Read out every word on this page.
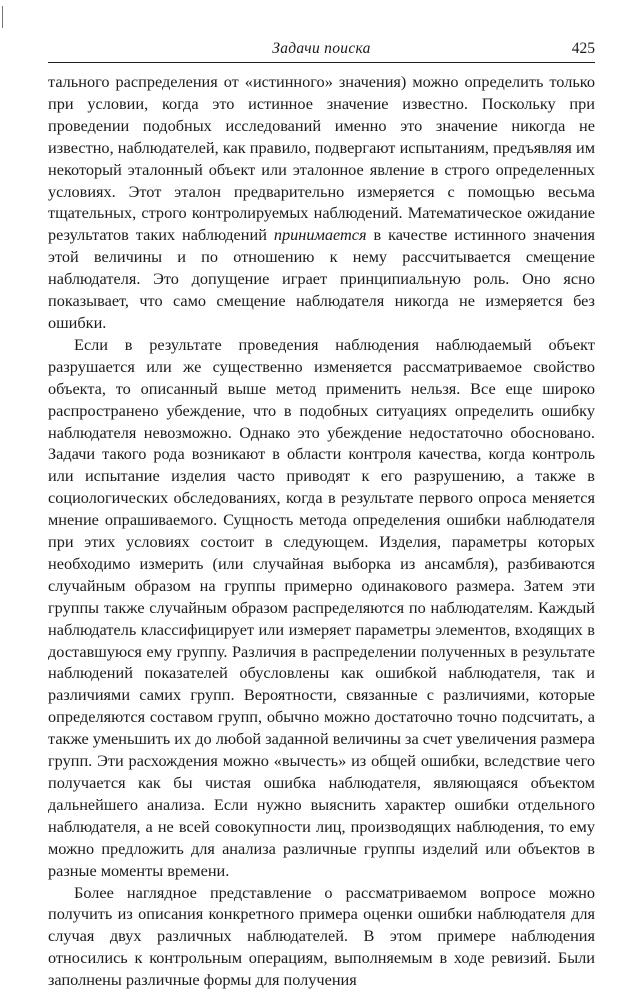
Задачи поиска	425

тального распределения от «истинного» значения) можно определить только при условии, когда это истинное значение известно. Поскольку при проведении подобных исследований именно это значение никогда не известно, наблюдателей, как правило, подвергают испытаниям, предъявляя им некоторый эталонный объект или эталонное явление в строго определенных условиях. Этот эталон предварительно измеряется с помощью весьма тщательных, строго контролируемых наблюдений. Математическое ожидание результатов таких наблюдений принимается в качестве истинного значения этой величины и по отношению к нему рассчитывается смещение наблюдателя. Это допущение играет принципиальную роль. Оно ясно показывает, что само смещение наблюдателя никогда не измеряется без ошибки.

Если в результате проведения наблюдения наблюдаемый объект разрушается или же существенно изменяется рассматриваемое свойство объекта, то описанный выше метод применить нельзя. Все еще широко распространено убеждение, что в подобных ситуациях определить ошибку наблюдателя невозможно. Однако это убеждение недостаточно обосновано. Задачи такого рода возникают в области контроля качества, когда контроль или испытание изделия часто приводят к его разрушению, а также в социологических обследованиях, когда в результате первого опроса меняется мнение опрашиваемого. Сущность метода определения ошибки наблюдателя при этих условиях состоит в следующем. Изделия, параметры которых необходимо измерить (или случайная выборка из ансамбля), разбиваются случайным образом на группы примерно одинакового размера. Затем эти группы также случайным образом распределяются по наблюдателям. Каждый наблюдатель классифицирует или измеряет параметры элементов, входящих в доставшуюся ему группу. Различия в распределении полученных в результате наблюдений показателей обусловлены как ошибкой наблюдателя, так и различиями самих групп. Вероятности, связанные с различиями, которые определяются составом групп, обычно можно достаточно точно подсчитать, а также уменьшить их до любой заданной величины за счет увеличения размера групп. Эти расхождения можно «вычесть» из общей ошибки, вследствие чего получается как бы чистая ошибка наблюдателя, являющаяся объектом дальнейшего анализа. Если нужно выяснить характер ошибки отдельного наблюдателя, а не всей совокупности лиц, производящих наблюдения, то ему можно предложить для анализа различные группы изделий или объектов в разные моменты времени.

Более наглядное представление о рассматриваемом вопросе можно получить из описания конкретного примера оценки ошибки наблюдателя для случая двух различных наблюдателей. В этом примере наблюдения относились к контрольным операциям, выполняемым в ходе ревизий. Были заполнены различные формы для получения
